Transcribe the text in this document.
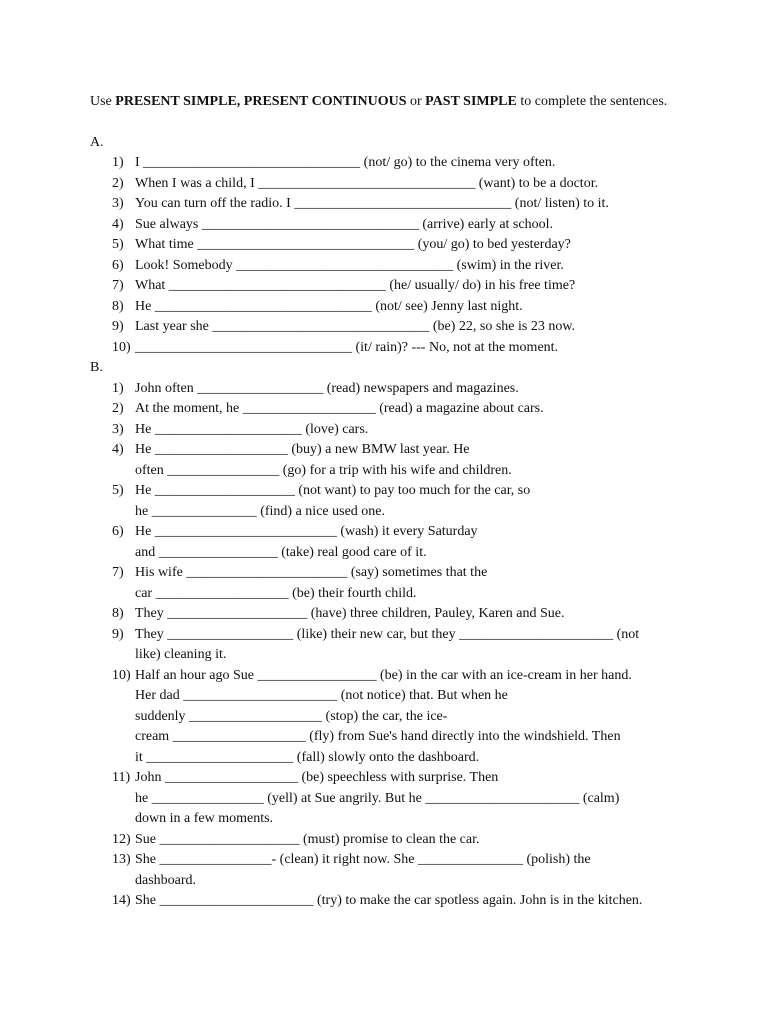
Use PRESENT SIMPLE, PRESENT CONTINUOUS or PAST SIMPLE to complete the sentences.

A.
1) I _______________________________ (not/ go) to the cinema very often.
2) When I was a child, I _______________________________ (want) to be a doctor.
3) You can turn off the radio. I _______________________________ (not/ listen) to it.
4) Sue always _______________________________ (arrive) early at school.
5) What time _______________________________ (you/ go) to bed yesterday?
6) Look! Somebody _______________________________ (swim) in the river.
7) What _______________________________ (he/ usually/ do) in his free time?
8) He _______________________________ (not/ see) Jenny last night.
9) Last year she _______________________________ (be) 22, so she is 23 now.
10) _______________________________ (it/ rain)? --- No, not at the moment.
B.
1) John often __________________ (read) newspapers and magazines.
2) At the moment, he ___________________ (read) a magazine about cars.
3) He _____________________ (love) cars.
4) He ___________________ (buy) a new BMW last year. He
often ________________ (go) for a trip with his wife and children.
5) He ____________________ (not want) to pay too much for the car, so
he _______________ (find) a nice used one.
6) He __________________________ (wash) it every Saturday
and _________________ (take) real good care of it.
7) His wife _______________________ (say) sometimes that the
car ___________________ (be) their fourth child.
8) They ____________________ (have) three children, Pauley, Karen and Sue.
9) They __________________ (like) their new car, but they ______________________ (not
like) cleaning it.
10) Half an hour ago Sue _________________ (be) in the car with an ice-cream in her hand.
Her dad ______________________ (not notice) that. But when he
suddenly ___________________ (stop) the car, the ice-
cream ___________________ (fly) from Sue's hand directly into the windshield. Then
it _____________________ (fall) slowly onto the dashboard.
11) John ___________________ (be) speechless with surprise. Then
he ________________ (yell) at Sue angrily. But he ______________________ (calm)
down in a few moments.
12) Sue ____________________ (must) promise to clean the car.
13) She ________________- (clean) it right now. She _______________ (polish) the
dashboard.
14) She ______________________ (try) to make the car spotless again. John is in the kitchen.
